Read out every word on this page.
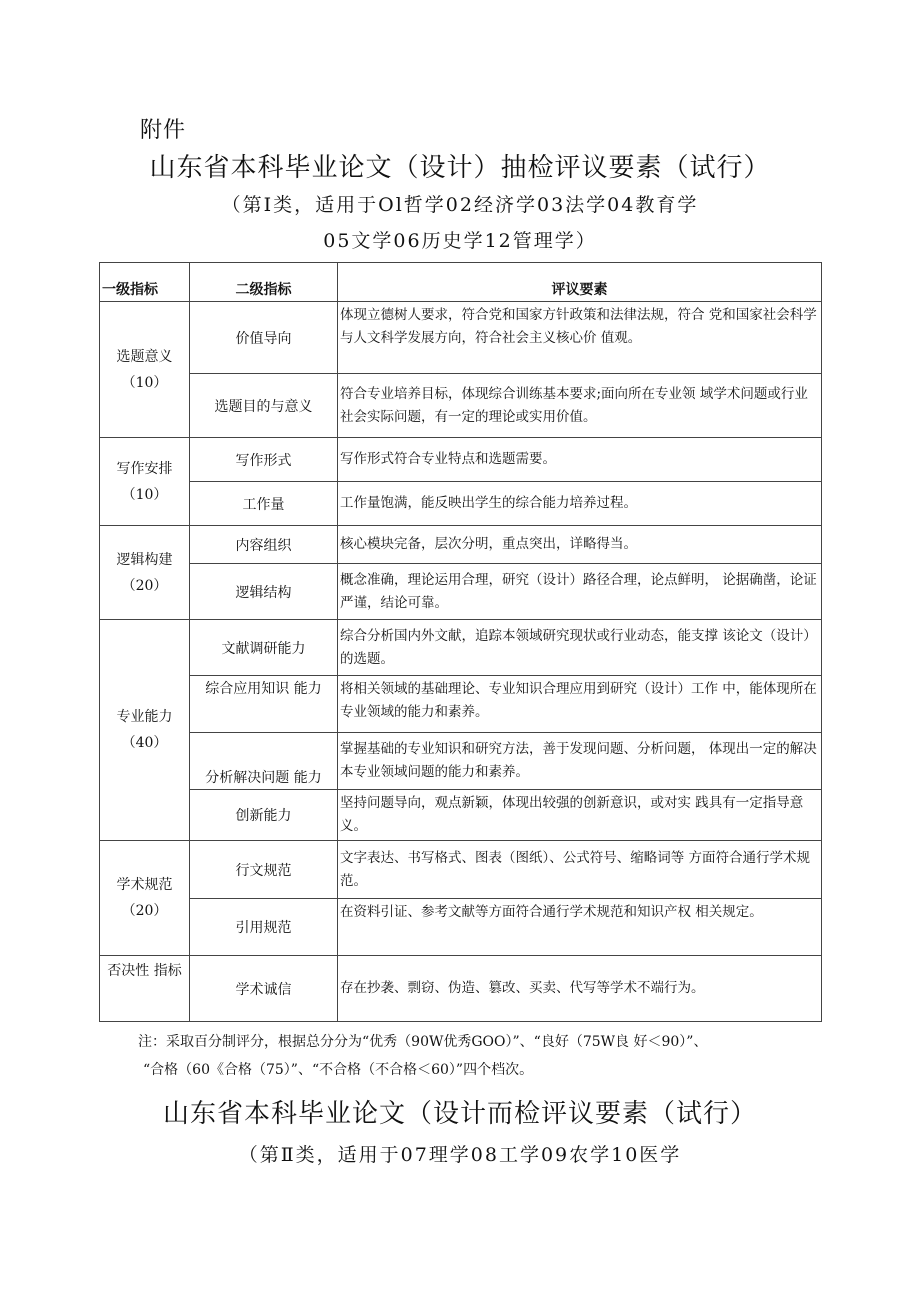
附件
山东省本科毕业论文（设计）抽检评议要素（试行）
（第Ⅰ类，适用于Ol哲学02经济学03法学04教育学
05文学06历史学12管理学）
一级指标	二级指标	评议要素
选题意义（10）	价值导向	体现立德树人要求，符合党和国家方针政策和法律法规，符合 党和国家社会科学与人文科学发展方向，符合社会主义核心价 值观。
	选题目的与意义	符合专业培养目标，体现综合训练基本要求;面向所在专业领 域学术问题或行业社会实际问题，有一定的理论或实用价值。
写作安排（10）	写作形式	写作形式符合专业特点和选题需要。
	工作量	工作量饱满，能反映出学生的综合能力培养过程。
逻辑构建（20）	内容组织	核心模块完备，层次分明，重点突出，详略得当。
	逻辑结构	概念准确，理论运用合理，研究（设计）路径合理，论点鲜明， 论据确凿，论证严谨，结论可靠。
专业能力（40）	文献调研能力	综合分析国内外文献，追踪本领域研究现状或行业动态，能支撑 该论文（设计）的选题。
	综合应用知识 能力	将相关领域的基础理论、专业知识合理应用到研究（设计）工作 中，能体现所在专业领域的能力和素养。
	分析解决问题 能力	掌握基础的专业知识和研究方法，善于发现问题、分析问题， 体现出一定的解决本专业领域问题的能力和素养。
	创新能力	坚持问题导向，观点新颖，体现出较强的创新意识，或对实 践具有一定指导意义。
学术规范（20）	行文规范	文字表达、书写格式、图表（图纸）、公式符号、缩略词等 方面符合通行学术规范。
	引用规范	在资料引证、参考文献等方面符合通行学术规范和知识产权 相关规定。
否决性 指标	学术诚信	存在抄袭、剽窃、伪造、篡改、买卖、代写等学术不端行为。
注：采取百分制评分，根据总分分为“优秀（90W优秀GOO）”、“良好（75W良 好＜90）”、
“合格（60《合格（75）”、“不合格（不合格＜60）”四个档次。
山东省本科毕业论文（设计而检评议要素（试行）
（第Ⅱ类，适用于07理学08工学09农学10医学
